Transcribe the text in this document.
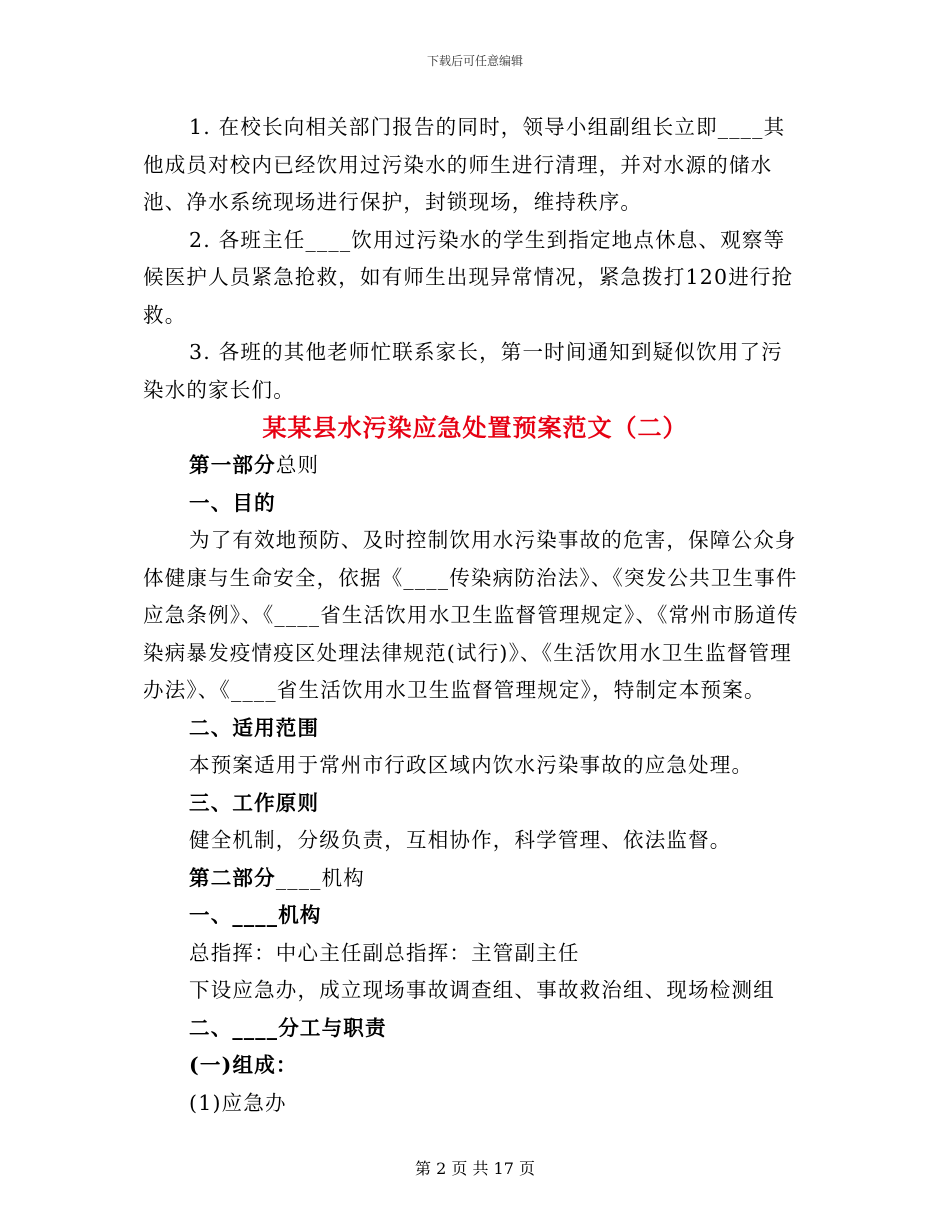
下载后可任意编辑

1. 在校长向相关部门报告的同时，领导小组副组长立即____其他成员对校内已经饮用过污染水的师生进行清理，并对水源的储水池、净水系统现场进行保护，封锁现场，维持秩序。

2. 各班主任____饮用过污染水的学生到指定地点休息、观察等候医护人员紧急抢救，如有师生出现异常情况，紧急拨打120进行抢救。

3. 各班的其他老师忙联系家长，第一时间通知到疑似饮用了污染水的家长们。

某某县水污染应急处置预案范文（二）

第一部分总则

一、目的

为了有效地预防、及时控制饮用水污染事故的危害，保障公众身体健康与生命安全，依据《____传染病防治法》、《突发公共卫生事件应急条例》、《____省生活饮用水卫生监督管理规定》、《常州市肠道传染病暴发疫情疫区处理法律规范(试行)》、《生活饮用水卫生监督管理办法》、《____省生活饮用水卫生监督管理规定》，特制定本预案。

二、适用范围

本预案适用于常州市行政区域内饮水污染事故的应急处理。

三、工作原则

健全机制，分级负责，互相协作，科学管理、依法监督。

第二部分____机构

一、____机构

总指挥：中心主任副总指挥：主管副主任

下设应急办，成立现场事故调查组、事故救治组、现场检测组

二、____分工与职责

(一)组成：

(1)应急办

第 2 页 共 17 页
